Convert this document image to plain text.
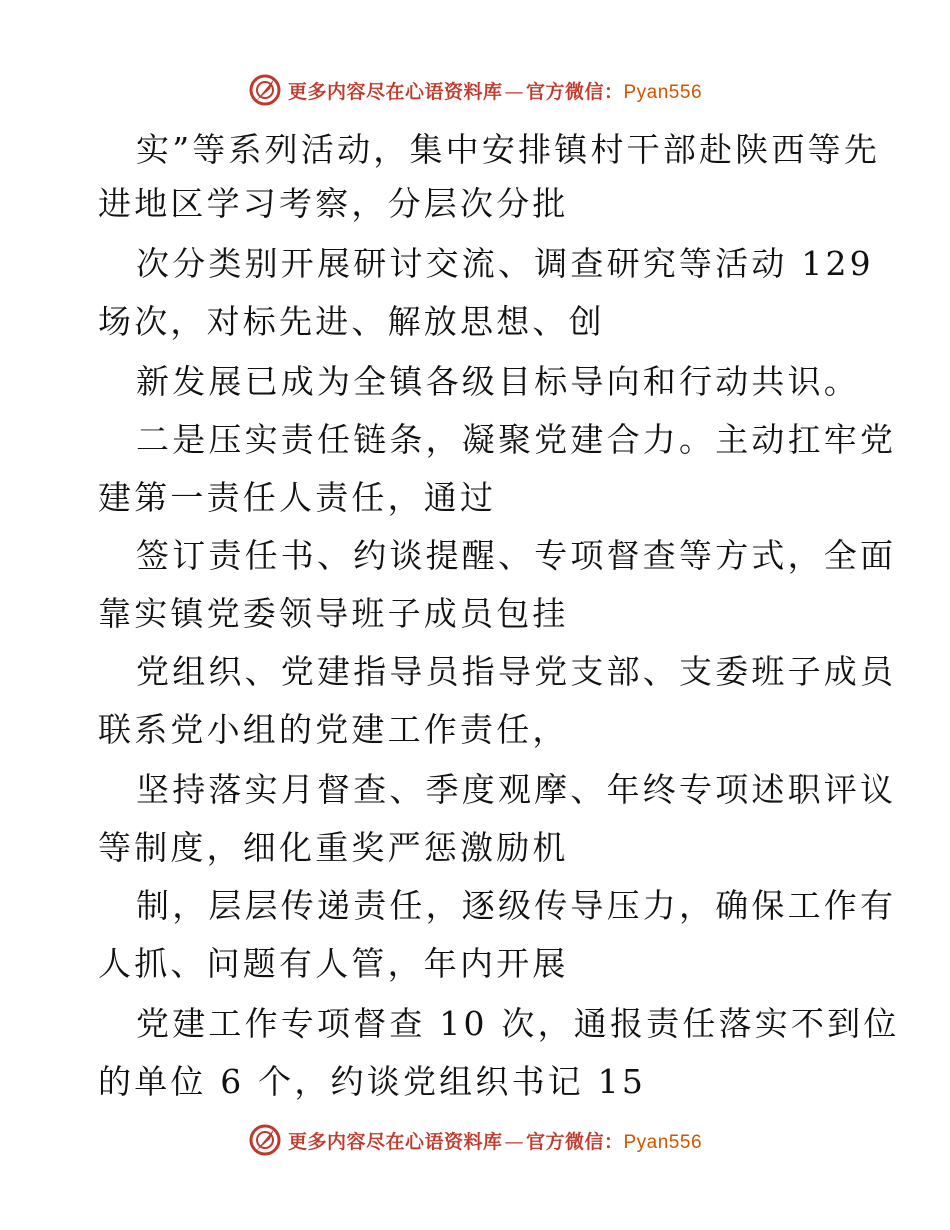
更多内容尽在心语资料库 — 官方微信：Pyan556
实”等系列活动，集中安排镇村干部赴陕西等先
进地区学习考察，分层次分批
次分类别开展研讨交流、调查研究等活动 129
场次，对标先进、解放思想、创
新发展已成为全镇各级目标导向和行动共识。
二是压实责任链条，凝聚党建合力。主动扛牢党
建第一责任人责任，通过
签订责任书、约谈提醒、专项督查等方式，全面
靠实镇党委领导班子成员包挂
党组织、党建指导员指导党支部、支委班子成员
联系党小组的党建工作责任，
坚持落实月督查、季度观摩、年终专项述职评议
等制度，细化重奖严惩激励机
制，层层传递责任，逐级传导压力，确保工作有
人抓、问题有人管，年内开展
党建工作专项督查 10 次，通报责任落实不到位
的单位 6 个，约谈党组织书记 15
更多内容尽在心语资料库 — 官方微信：Pyan556
